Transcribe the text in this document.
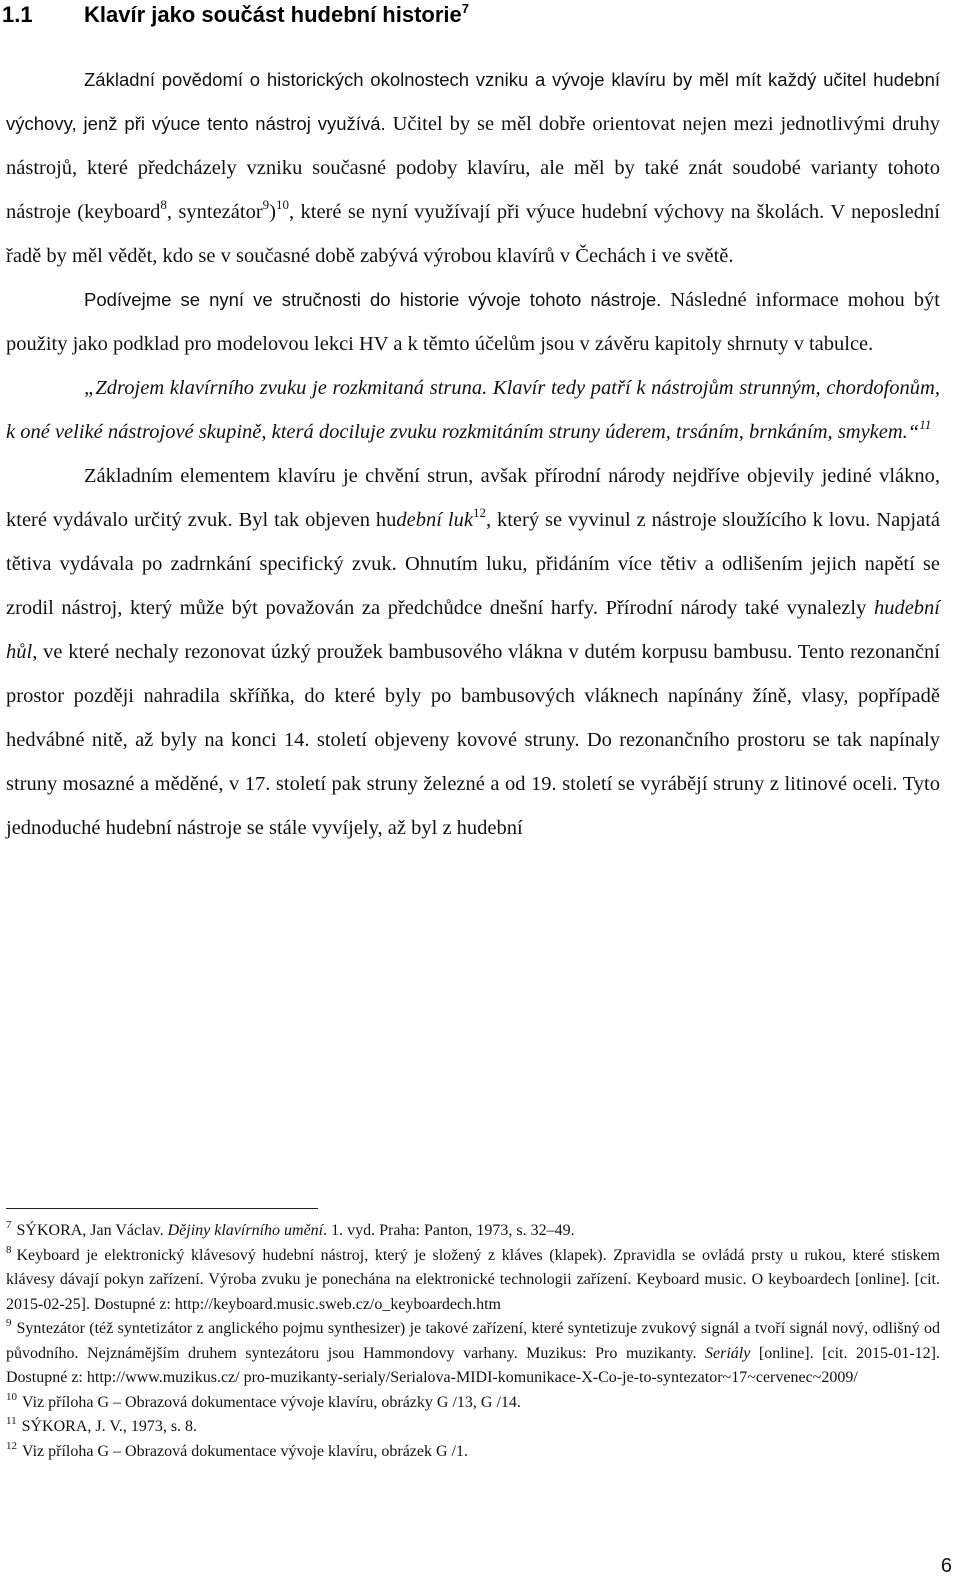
1.1 Klavír jako součást hudební historie$^7$

Základní povědomí o historických okolnostech vzniku a vývoje klavíru by měl mít každý učitel hudební výchovy, jenž při výuce tento nástroj využívá. Učitel by se měl dobře orientovat nejen mezi jednotlivými druhy nástrojů, které předcházely vzniku současné podoby klavíru, ale měl by také znát soudobé varianty tohoto nástroje (keyboard$^8$, syntezátor$^9$)$^{10}$, které se nyní využívají při výuce hudební výchovy na školách. V neposlední řadě by měl vědět, kdo se v současné době zabývá výrobou klavírů v Čechách i ve světě.

Podívejme se nyní ve stručnosti do historie vývoje tohoto nástroje. Následné informace mohou být použity jako podklad pro modelovou lekci HV a k těmto účelům jsou v závěru kapitoly shrnuty v tabulce.

„Zdrojem klavírního zvuku je rozkmitaná struna. Klavír tedy patří k nástrojům strunným, chordofonům, k oné veliké nástrojové skupině, která dociluje zvuku rozkmitáním struny úderem, trsáním, brnkáním, smykem.“$^{11}$

Základním elementem klavíru je chvění strun, avšak přírodní národy nejdříve objevily jediné vlákno, které vydávalo určitý zvuk. Byl tak objeven hudební luk$^{12}$, který se vyvinul z nástroje sloužícího k lovu. Napjatá tětiva vydávala po zadrnkání specifický zvuk. Ohnutím luku, přidáním více tětiv a odlišením jejich napětí se zrodil nástroj, který může být považován za předchůdce dnešní harfy. Přírodní národy také vynalezly hudební hůl, ve které nechaly rezonovat úzký proužek bambusového vlákna v dutém korpusu bambusu. Tento rezonanční prostor později nahradila skříňka, do které byly po bambusových vláknech napínány žíně, vlasy, popřípadě hedvábné nitě, až byly na konci 14. století objeveny kovové struny. Do rezonančního prostoru se tak napínaly struny mosazné a měděné, v 17. století pak struny železné a od 19. století se vyrábějí struny z litinové oceli. Tyto jednoduché hudební nástroje se stále vyvíjely, až byl z hudební

$^7$ SÝKORA, Jan Václav. Dějiny klavírního umění. 1. vyd. Praha: Panton, 1973, s. 32–49.

$^8$ Keyboard je elektronický klávesový hudební nástroj, který je složený z kláves (klapek). Zpravidla se ovládá prsty u rukou, které stiskem klávesy dávají pokyn zařízení. Výroba zvuku je ponechána na elektronické technologii zařízení. Keyboard music. O keyboardech [online]. [cit. 2015-02-25]. Dostupné z: http://keyboard.music.sweb.cz/o_keyboardech.htm

$^9$ Syntezátor (též syntetizátor z anglického pojmu synthesizer) je takové zařízení, které syntetizuje zvukový signál a tvoří signál nový, odlišný od původního. Nejznámějším druhem syntezátoru jsou Hammondovy varhany. Muzikus: Pro muzikanty. Seriály [online]. [cit. 2015-01-12]. Dostupné z: http://www.muzikus.cz/ pro-muzikanty-serialy/Serialova-MIDI-komunikace-X-Co-je-to-syntezator~17~cervenec~2009/

$^{10}$ Viz příloha G – Obrazová dokumentace vývoje klavíru, obrázky G /13, G /14.

$^{11}$ SÝKORA, J. V., 1973, s. 8.

$^{12}$ Viz příloha G – Obrazová dokumentace vývoje klavíru, obrázek G /1.

6
